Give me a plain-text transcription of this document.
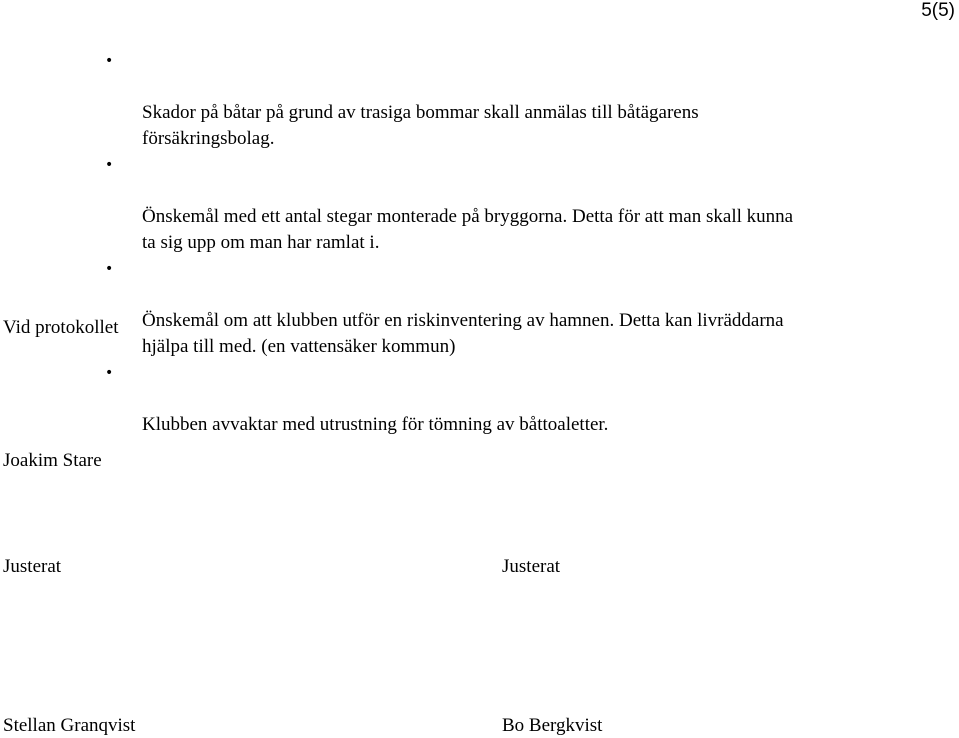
5(5)

•

Skador på båtar på grund av trasiga bommar skall anmälas till båtägarens
försäkringsbolag.

•

Önskemål med ett antal stegar monterade på bryggorna. Detta för att man skall kunna
ta sig upp om man har ramlat i.

•

Önskemål om att klubben utför en riskinventering av hamnen. Detta kan livräddarna
hjälpa till med. (en vattensäker kommun)

•

Klubben avvaktar med utrustning för tömning av båttoaletter.

Vid protokollet
Joakim Stare
Justerat	Justerat
Stellan Granqvist	Bo Bergkvist
